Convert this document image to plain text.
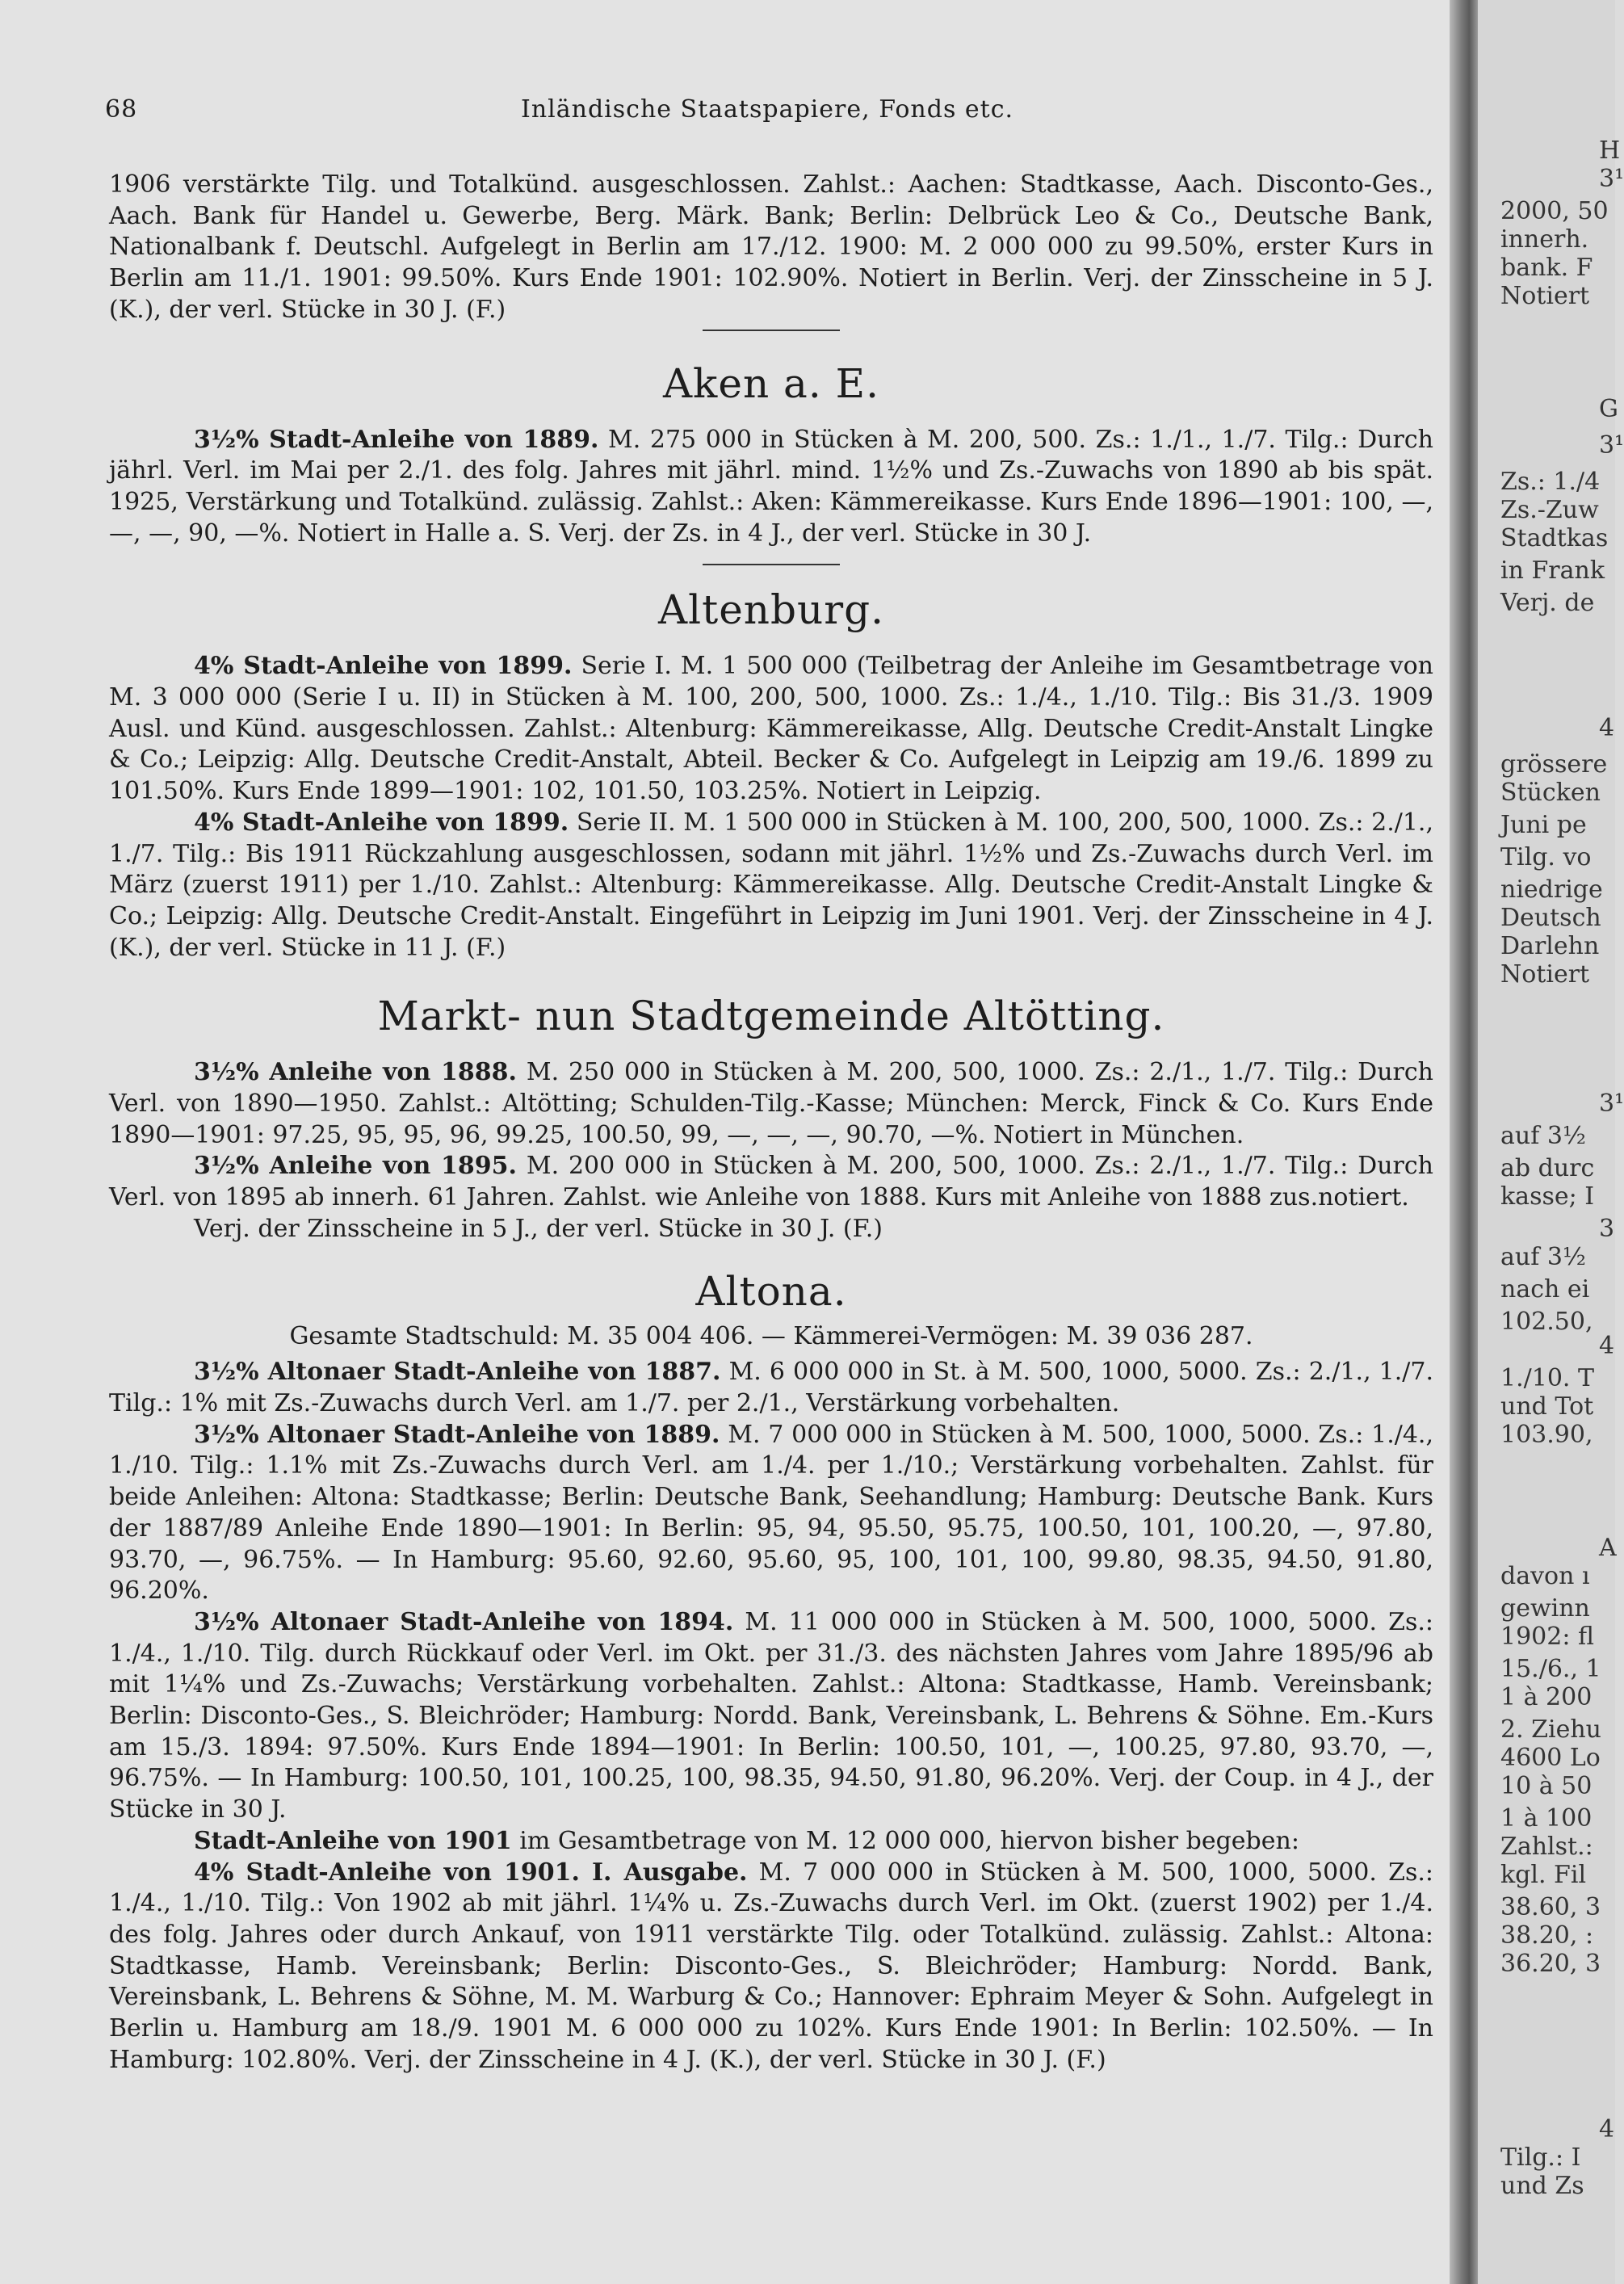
68	Inländische Staatspapiere, Fonds etc.

1906 verstärkte Tilg. und Totalkünd. ausgeschlossen. Zahlst.: Aachen: Stadtkasse, Aach. Disconto-Ges., Aach. Bank für Handel u. Gewerbe, Berg. Märk. Bank; Berlin: Delbrück Leo & Co., Deutsche Bank, Nationalbank f. Deutschl. Aufgelegt in Berlin am 17./12. 1900: M. 2 000 000 zu 99.50%, erster Kurs in Berlin am 11./1. 1901: 99.50%. Kurs Ende 1901: 102.90%. Notiert in Berlin. Verj. der Zinsscheine in 5 J. (K.), der verl. Stücke in 30 J. (F.)

Aken a. E.

3½% Stadt-Anleihe von 1889. M. 275 000 in Stücken à M. 200, 500. Zs.: 1./1., 1./7. Tilg.: Durch jährl. Verl. im Mai per 2./1. des folg. Jahres mit jährl. mind. 1½% und Zs.-Zuwachs von 1890 ab bis spät. 1925, Verstärkung und Totalkünd. zulässig. Zahlst.: Aken: Kämmereikasse. Kurs Ende 1896—1901: 100, —, —, —, 90, —%. Notiert in Halle a. S. Verj. der Zs. in 4 J., der verl. Stücke in 30 J.

Altenburg.

4% Stadt-Anleihe von 1899. Serie I. M. 1 500 000 (Teilbetrag der Anleihe im Gesamtbetrage von M. 3 000 000 (Serie I u. II) in Stücken à M. 100, 200, 500, 1000. Zs.: 1./4., 1./10. Tilg.: Bis 31./3. 1909 Ausl. und Künd. ausgeschlossen. Zahlst.: Altenburg: Kämmereikasse, Allg. Deutsche Credit-Anstalt Lingke & Co.; Leipzig: Allg. Deutsche Credit-Anstalt, Abteil. Becker & Co. Aufgelegt in Leipzig am 19./6. 1899 zu 101.50%. Kurs Ende 1899—1901: 102, 101.50, 103.25%. Notiert in Leipzig.

4% Stadt-Anleihe von 1899. Serie II. M. 1 500 000 in Stücken à M. 100, 200, 500, 1000. Zs.: 2./1., 1./7. Tilg.: Bis 1911 Rückzahlung ausgeschlossen, sodann mit jährl. 1½% und Zs.-Zuwachs durch Verl. im März (zuerst 1911) per 1./10. Zahlst.: Altenburg: Kämmereikasse. Allg. Deutsche Credit-Anstalt Lingke & Co.; Leipzig: Allg. Deutsche Credit-Anstalt. Eingeführt in Leipzig im Juni 1901. Verj. der Zinsscheine in 4 J. (K.), der verl. Stücke in 11 J. (F.)

Markt- nun Stadtgemeinde Altötting.

3½% Anleihe von 1888. M. 250 000 in Stücken à M. 200, 500, 1000. Zs.: 2./1., 1./7. Tilg.: Durch Verl. von 1890—1950. Zahlst.: Altötting; Schulden-Tilg.-Kasse; München: Merck, Finck & Co. Kurs Ende 1890—1901: 97.25, 95, 95, 96, 99.25, 100.50, 99, —, —, —, 90.70, —%. Notiert in München.

3½% Anleihe von 1895. M. 200 000 in Stücken à M. 200, 500, 1000. Zs.: 2./1., 1./7. Tilg.: Durch Verl. von 1895 ab innerh. 61 Jahren. Zahlst. wie Anleihe von 1888. Kurs mit Anleihe von 1888 zus.notiert.

Verj. der Zinsscheine in 5 J., der verl. Stücke in 30 J. (F.)

Altona.

Gesamte Stadtschuld: M. 35 004 406. — Kämmerei-Vermögen: M. 39 036 287.

3½% Altonaer Stadt-Anleihe von 1887. M. 6 000 000 in St. à M. 500, 1000, 5000. Zs.: 2./1., 1./7. Tilg.: 1% mit Zs.-Zuwachs durch Verl. am 1./7. per 2./1., Verstärkung vorbehalten.

3½% Altonaer Stadt-Anleihe von 1889. M. 7 000 000 in Stücken à M. 500, 1000, 5000. Zs.: 1./4., 1./10. Tilg.: 1.1% mit Zs.-Zuwachs durch Verl. am 1./4. per 1./10.; Verstärkung vorbehalten. Zahlst. für beide Anleihen: Altona: Stadtkasse; Berlin: Deutsche Bank, Seehandlung; Hamburg: Deutsche Bank. Kurs der 1887/89 Anleihe Ende 1890—1901: In Berlin: 95, 94, 95.50, 95.75, 100.50, 101, 100.20, —, 97.80, 93.70, —, 96.75%. — In Hamburg: 95.60, 92.60, 95.60, 95, 100, 101, 100, 99.80, 98.35, 94.50, 91.80, 96.20%.

3½% Altonaer Stadt-Anleihe von 1894. M. 11 000 000 in Stücken à M. 500, 1000, 5000. Zs.: 1./4., 1./10. Tilg. durch Rückkauf oder Verl. im Okt. per 31./3. des nächsten Jahres vom Jahre 1895/96 ab mit 1¼% und Zs.-Zuwachs; Verstärkung vorbehalten. Zahlst.: Altona: Stadtkasse, Hamb. Vereinsbank; Berlin: Disconto-Ges., S. Bleichröder; Hamburg: Nordd. Bank, Vereinsbank, L. Behrens & Söhne. Em.-Kurs am 15./3. 1894: 97.50%. Kurs Ende 1894—1901: In Berlin: 100.50, 101, —, 100.25, 97.80, 93.70, —, 96.75%. — In Hamburg: 100.50, 101, 100.25, 100, 98.35, 94.50, 91.80, 96.20%. Verj. der Coup. in 4 J., der Stücke in 30 J.

Stadt-Anleihe von 1901 im Gesamtbetrage von M. 12 000 000, hiervon bisher begeben:

4% Stadt-Anleihe von 1901. I. Ausgabe. M. 7 000 000 in Stücken à M. 500, 1000, 5000. Zs.: 1./4., 1./10. Tilg.: Von 1902 ab mit jährl. 1¼% u. Zs.-Zuwachs durch Verl. im Okt. (zuerst 1902) per 1./4. des folg. Jahres oder durch Ankauf, von 1911 verstärkte Tilg. oder Totalkünd. zulässig. Zahlst.: Altona: Stadtkasse, Hamb. Vereinsbank; Berlin: Disconto-Ges., S. Bleichröder; Hamburg: Nordd. Bank, Vereinsbank, L. Behrens & Söhne, M. M. Warburg & Co.; Hannover: Ephraim Meyer & Sohn. Aufgelegt in Berlin u. Hamburg am 18./9. 1901 M. 6 000 000 zu 102%. Kurs Ende 1901: In Berlin: 102.50%. — In Hamburg: 102.80%. Verj. der Zinsscheine in 4 J. (K.), der verl. Stücke in 30 J. (F.)

H
3¹
2000, 50
innerh.
bank. F
Notiert
G
3¹
Zs.: 1./4
Zs.-Zuw
Stadtkas
in Frank
Verj. de
4
grössere
Stücken
Juni pe
Tilg. vo
niedrige
Deutsch
Darlehn
Notiert
3¹
auf 3½
ab durc
kasse; I
3
auf 3½
nach ei
102.50,
4
1./10. T
und Tot
103.90,
A
davon ı
gewinn
1902: fl
15./6., 1
1 à 200
2. Ziehu
4600 Lo
10 à 50
1 à 100
Zahlst.:
kgl. Fil
38.60, 3
38.20, :
36.20, 3
4
Tilg.: I
und Zs
